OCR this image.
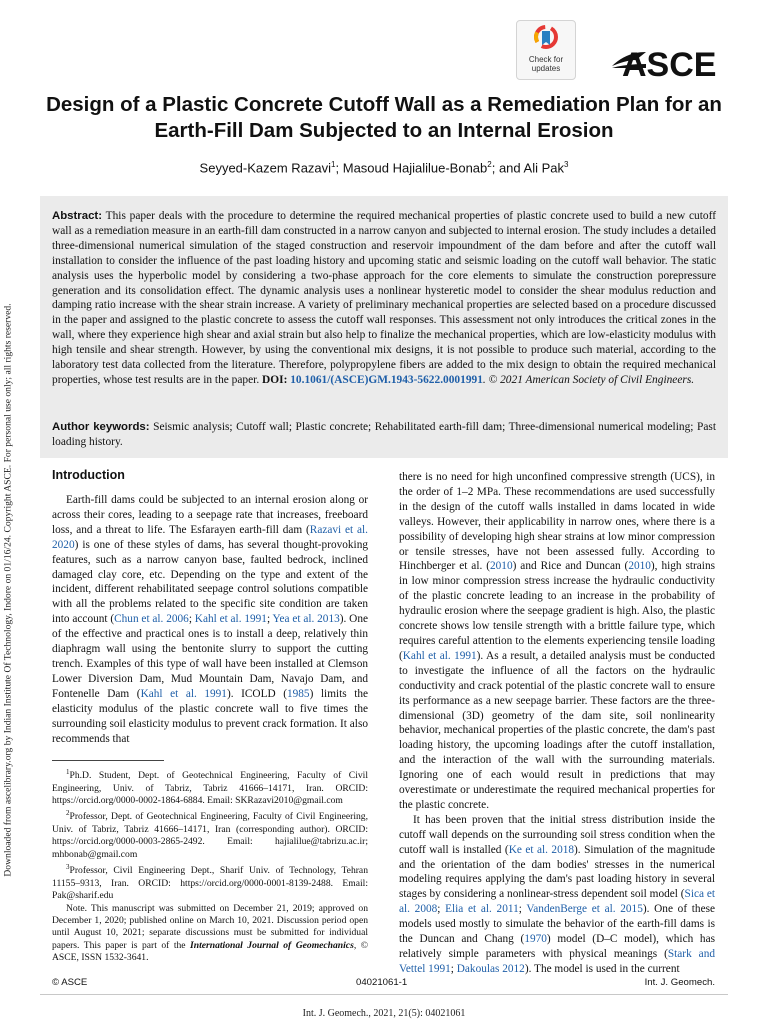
Downloaded from ascelibrary.org by Indian Institute Of Technology, Indore on 01/16/24. Copyright ASCE. For personal use only; all rights reserved.
Check for
updates	ASCE
Design of a Plastic Concrete Cutoff Wall as a Remediation Plan for an Earth-Fill Dam Subjected to an Internal Erosion
Seyyed-Kazem Razavi$^1$; Masoud Hajialilue-Bonab$^2$; and Ali Pak$^3$
Abstract: This paper deals with the procedure to determine the required mechanical properties of plastic concrete used to build a new cutoff wall as a remediation measure in an earth-fill dam constructed in a narrow canyon and subjected to internal erosion. The study includes a detailed three-dimensional numerical simulation of the staged construction and reservoir impoundment of the dam before and after the cutoff wall installation to consider the influence of the past loading history and upcoming static and seismic loading on the cutoff wall behavior. The static analysis uses the hyperbolic model by considering a two-phase approach for the core elements to simulate the construction porepressure generation and its consolidation effect. The dynamic analysis uses a nonlinear hysteretic model to consider the shear modulus reduction and damping ratio increase with the shear strain increase. A variety of preliminary mechanical properties are selected based on a procedure discussed in the paper and assigned to the plastic concrete to assess the cutoff wall responses. This assessment not only introduces the critical zones in the wall, where they experience high shear and axial strain but also help to finalize the mechanical properties, which are low-elasticity modulus with high tensile and shear strength. However, by using the conventional mix designs, it is not possible to produce such material, according to the laboratory test data collected from the literature. Therefore, polypropylene fibers are added to the mix design to obtain the required mechanical properties, whose test results are in the paper. DOI: 10.1061/(ASCE)GM.1943-5622.0001991. © 2021 American Society of Civil Engineers.
Author keywords: Seismic analysis; Cutoff wall; Plastic concrete; Rehabilitated earth-fill dam; Three-dimensional numerical modeling; Past loading history.
Introduction

Earth-fill dams could be subjected to an internal erosion along or across their cores, leading to a seepage rate that increases, freeboard loss, and a threat to life. The Esfarayen earth-fill dam (Razavi et al. 2020) is one of these styles of dams, has several thought-provoking features, such as a narrow canyon base, faulted bedrock, inclined damaged clay core, etc. Depending on the type and extent of the incident, different rehabilitated seepage control solutions compatible with all the problems related to the specific site condition are taken into account (Chun et al. 2006; Kahl et al. 1991; Yea et al. 2013). One of the effective and practical ones is to install a deep, relatively thin diaphragm wall using the bentonite slurry to support the cutting trench. Examples of this type of wall have been installed at Clemson Lower Diversion Dam, Mud Mountain Dam, Navajo Dam, and Fontenelle Dam (Kahl et al. 1991). ICOLD (1985) limits the elasticity modulus of the plastic concrete wall to five times the surrounding soil elasticity modulus to prevent crack formation. It also recommends that

$^1$Ph.D. Student, Dept. of Geotechnical Engineering, Faculty of Civil Engineering, Univ. of Tabriz, Tabriz 41666–14171, Iran. ORCID: https://orcid.org/0000-0002-1864-6884. Email: SKRazavi2010@gmail.com

$^2$Professor, Dept. of Geotechnical Engineering, Faculty of Civil Engineering, Univ. of Tabriz, Tabriz 41666–14171, Iran (corresponding author). ORCID: https://orcid.org/0000-0003-2865-2492. Email: hajialilue@tabrizu.ac.ir; mhbonab@gmail.com

$^3$Professor, Civil Engineering Dept., Sharif Univ. of Technology, Tehran 11155–9313, Iran. ORCID: https://orcid.org/0000-0001-8139-2488. Email: Pak@sharif.edu

Note. This manuscript was submitted on December 21, 2019; approved on December 1, 2020; published online on March 10, 2021. Discussion period open until August 10, 2021; separate discussions must be submitted for individual papers. This paper is part of the International Journal of Geomechanics, © ASCE, ISSN 1532-3641.

there is no need for high unconfined compressive strength (UCS), in the order of 1–2 MPa. These recommendations are used successfully in the design of the cutoff walls installed in dams located in wide valleys. However, their applicability in narrow ones, where there is a possibility of developing high shear strains at low minor compression or tensile stresses, have not been assessed fully. According to Hinchberger et al. (2010) and Rice and Duncan (2010), high strains in low minor compression stress increase the hydraulic conductivity of the plastic concrete leading to an increase in the probability of hydraulic erosion where the seepage gradient is high. Also, the plastic concrete shows low tensile strength with a brittle failure type, which requires careful attention to the elements experiencing tensile loading (Kahl et al. 1991). As a result, a detailed analysis must be conducted to investigate the influence of all the factors on the hydraulic conductivity and crack potential of the plastic concrete wall to ensure its performance as a new seepage barrier. These factors are the three-dimensional (3D) geometry of the dam site, soil nonlinearity behavior, mechanical properties of the plastic concrete, the dam's past loading history, the upcoming loadings after the cutoff installation, and the interaction of the wall with the surrounding materials. Ignoring one of each would result in predictions that may overestimate or underestimate the required mechanical properties for the plastic concrete.

It has been proven that the initial stress distribution inside the cutoff wall depends on the surrounding soil stress condition when the cutoff wall is installed (Ke et al. 2018). Simulation of the magnitude and the orientation of the dam bodies' stresses in the numerical modeling requires applying the dam's past loading history in several stages by considering a nonlinear-stress dependent soil model (Sica et al. 2008; Elia et al. 2011; VandenBerge et al. 2015). One of these models used mostly to simulate the behavior of the earth-fill dams is the Duncan and Chang (1970) model (D–C model), which has relatively simple parameters with physical meanings (Stark and Vettel 1991; Dakoulas 2012). The model is used in the current

© ASCE	04021061-1	Int. J. Geomech.
Int. J. Geomech., 2021, 21(5): 04021061
